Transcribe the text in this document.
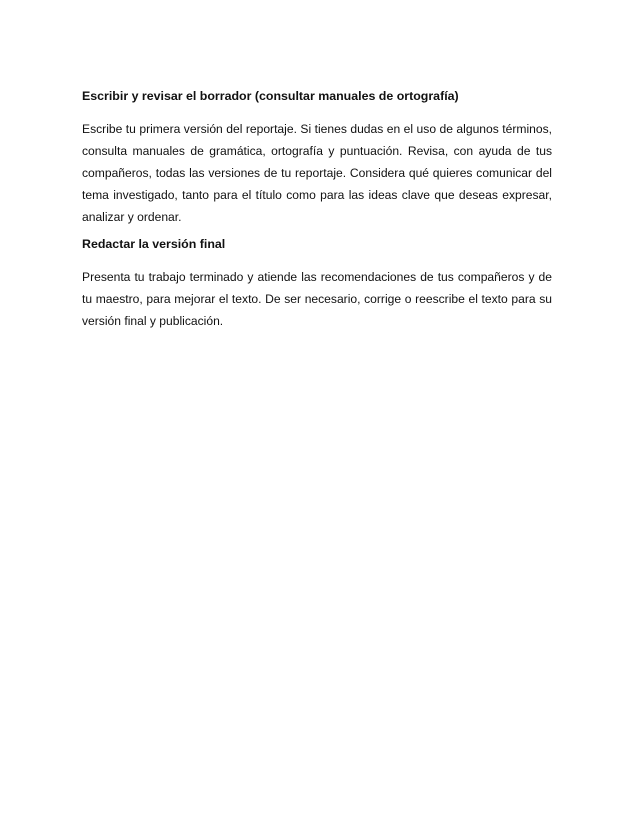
Escribir y revisar el borrador (consultar manuales de ortografía)

Escribe tu primera versión del reportaje. Si tienes dudas en el uso de algunos términos, consulta manuales de gramática, ortografía y puntuación. Revisa, con ayuda de tus compañeros, todas las versiones de tu reportaje. Considera qué quieres comunicar del tema investigado, tanto para el título como para las ideas clave que deseas expresar, analizar y ordenar.

Redactar la versión final

Presenta tu trabajo terminado y atiende las recomendaciones de tus compañeros y de tu maestro, para mejorar el texto. De ser necesario, corrige o reescribe el texto para su versión final y publicación.
